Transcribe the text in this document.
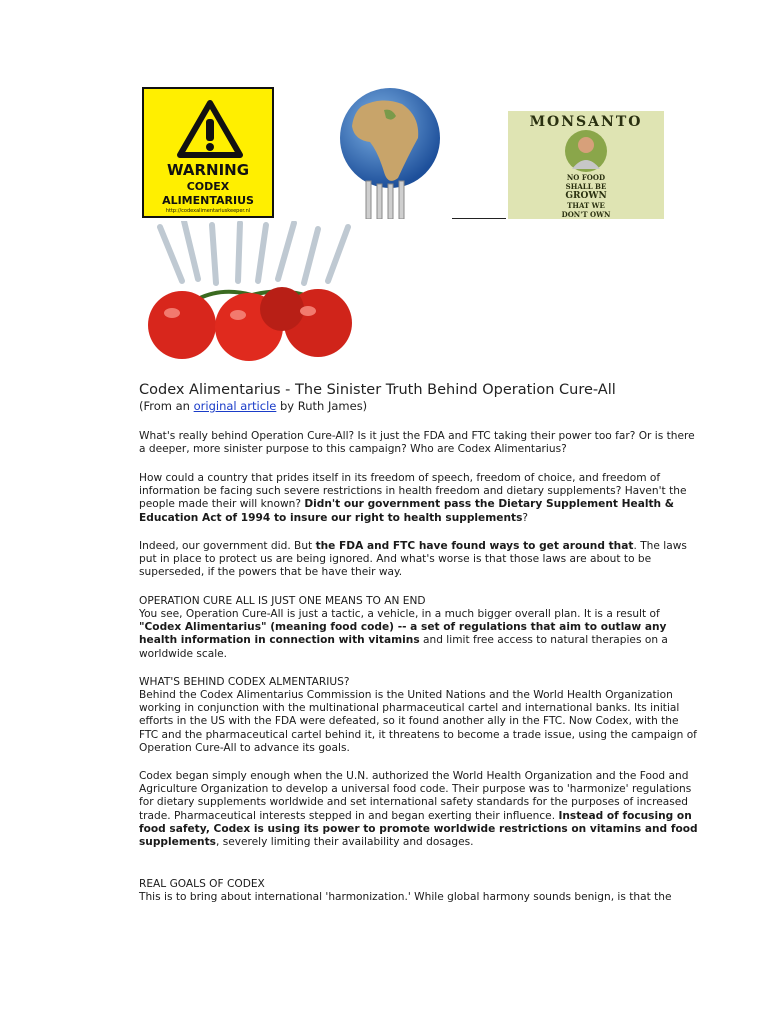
WARNING
CODEX
ALIMENTARIUS
http://codexalimentariuskeeper.nl
MONSANTO
NO FOOD
SHALL BE
GROWN
THAT WE
DON'T OWN
Codex Alimentarius - The Sinister Truth Behind Operation Cure-All
(From an original article by Ruth James)
What's really behind Operation Cure-All? Is it just the FDA and FTC taking their power too far? Or is there a deeper, more sinister purpose to this campaign? Who are Codex Alimentarius?
How could a country that prides itself in its freedom of speech, freedom of choice, and freedom of information be facing such severe restrictions in health freedom and dietary supplements? Haven't the people made their will known? Didn't our government pass the Dietary Supplement Health & Education Act of 1994 to insure our right to health supplements?
Indeed, our government did. But the FDA and FTC have found ways to get around that. The laws put in place to protect us are being ignored. And what's worse is that those laws are about to be superseded, if the powers that be have their way.
OPERATION CURE ALL IS JUST ONE MEANS TO AN END
You see, Operation Cure-All is just a tactic, a vehicle, in a much bigger overall plan. It is a result of "Codex Alimentarius" (meaning food code) -- a set of regulations that aim to outlaw any health information in connection with vitamins and limit free access to natural therapies on a worldwide scale.
WHAT'S BEHIND CODEX ALMENTARIUS?
Behind the Codex Alimentarius Commission is the United Nations and the World Health Organization working in conjunction with the multinational pharmaceutical cartel and international banks. Its initial efforts in the US with the FDA were defeated, so it found another ally in the FTC. Now Codex, with the FTC and the pharmaceutical cartel behind it, it threatens to become a trade issue, using the campaign of Operation Cure-All to advance its goals.
Codex began simply enough when the U.N. authorized the World Health Organization and the Food and Agriculture Organization to develop a universal food code. Their purpose was to 'harmonize' regulations for dietary supplements worldwide and set international safety standards for the purposes of increased trade. Pharmaceutical interests stepped in and began exerting their influence. Instead of focusing on food safety, Codex is using its power to promote worldwide restrictions on vitamins and food supplements, severely limiting their availability and dosages.
REAL GOALS OF CODEX
This is to bring about international 'harmonization.' While global harmony sounds benign, is that the
